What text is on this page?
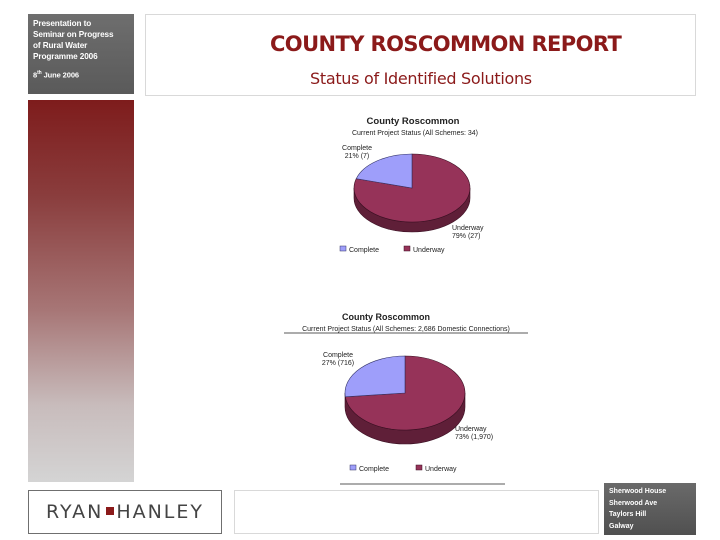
Presentation to
Seminar on Progress
of Rural Water
Programme 2006
8th June 2006
COUNTY ROSCOMMON REPORT
Status of Identified Solutions
County Roscommon
Current Project Status (All Schemes: 34)
Complete
21% (7)
Underway
79% (27)
Complete	Underway
County Roscommon
Current Project Status (All Schemes: 2,686 Domestic Connections)
Complete
27% (716)
Underway
73% (1,970)
Complete	Underway
RYAN HANLEY
Sherwood House
Sherwood Ave
Taylors Hill
Galway
